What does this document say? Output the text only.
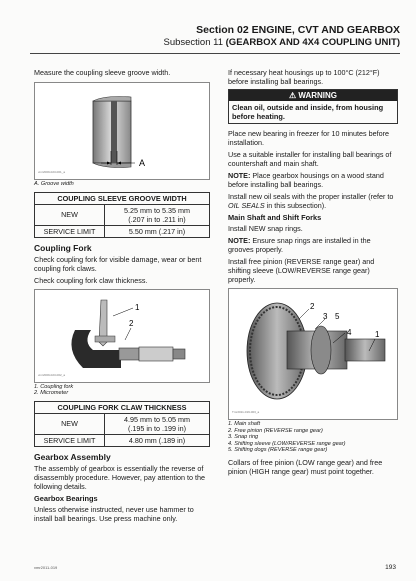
Section 02 ENGINE, CVT AND GEARBOX
Subsection 11 (GEARBOX AND 4X4 COUPLING UNIT)

Measure the coupling sleeve groove width.

A
vmr2009-023-001_a
A. Groove width
COUPLING SLEEVE GROOVE WIDTH	
NEW	5.25 mm to 5.35 mm
(.207 in to .211 in)

SERVICE LIMIT	5.50 mm (.217 in)
Coupling Fork

Check coupling fork for visible damage, wear or bent coupling fork claws.

Check coupling fork claw thickness.

1
2
vmr2009-023-002_a
1. Coupling fork
2. Micrometer
COUPLING FORK CLAW THICKNESS	
NEW	4.95 mm to 5.05 mm
(.195 in to .199 in)

SERVICE LIMIT	4.80 mm (.189 in)
Gearbox Assembly

The assembly of gearbox is essentially the reverse of disassembly procedure. However, pay attention to the following details.

Gearbox Bearings

Unless otherwise instructed, never use hammer to install ball bearings. Use press machine only.

If necessary heat housings up to 100°C (212°F) before installing ball bearings.

⚠ WARNING
Clean oil, outside and inside, from housing before heating.

Place new bearing in freezer for 10 minutes before installation.

Use a suitable installer for installing ball bearings of countershaft and main shaft.

NOTE: Place gearbox housings on a wood stand before installing ball bearings.

Install new oil seals with the proper installer (refer to OIL SEALS in this subsection).

Main Shaft and Shift Forks

Install NEW snap rings.

NOTE: Ensure snap rings are installed in the grooves properly.

Install free pinion (REVERSE range gear) and shifting sleeve (LOW/REVERSE range gear) properly.

2
3 5
4	1
Tmr2011-019-003_a
1. Main shaft
2. Free pinion (REVERSE range gear)
3. Snap ring
4. Shifting sleeve (LOW/REVERSE range gear)
5. Shifting dogs (REVERSE range gear)

Collars of free pinion (LOW range gear) and free pinion (HIGH range gear) must point together.

vmr2011-019	193
